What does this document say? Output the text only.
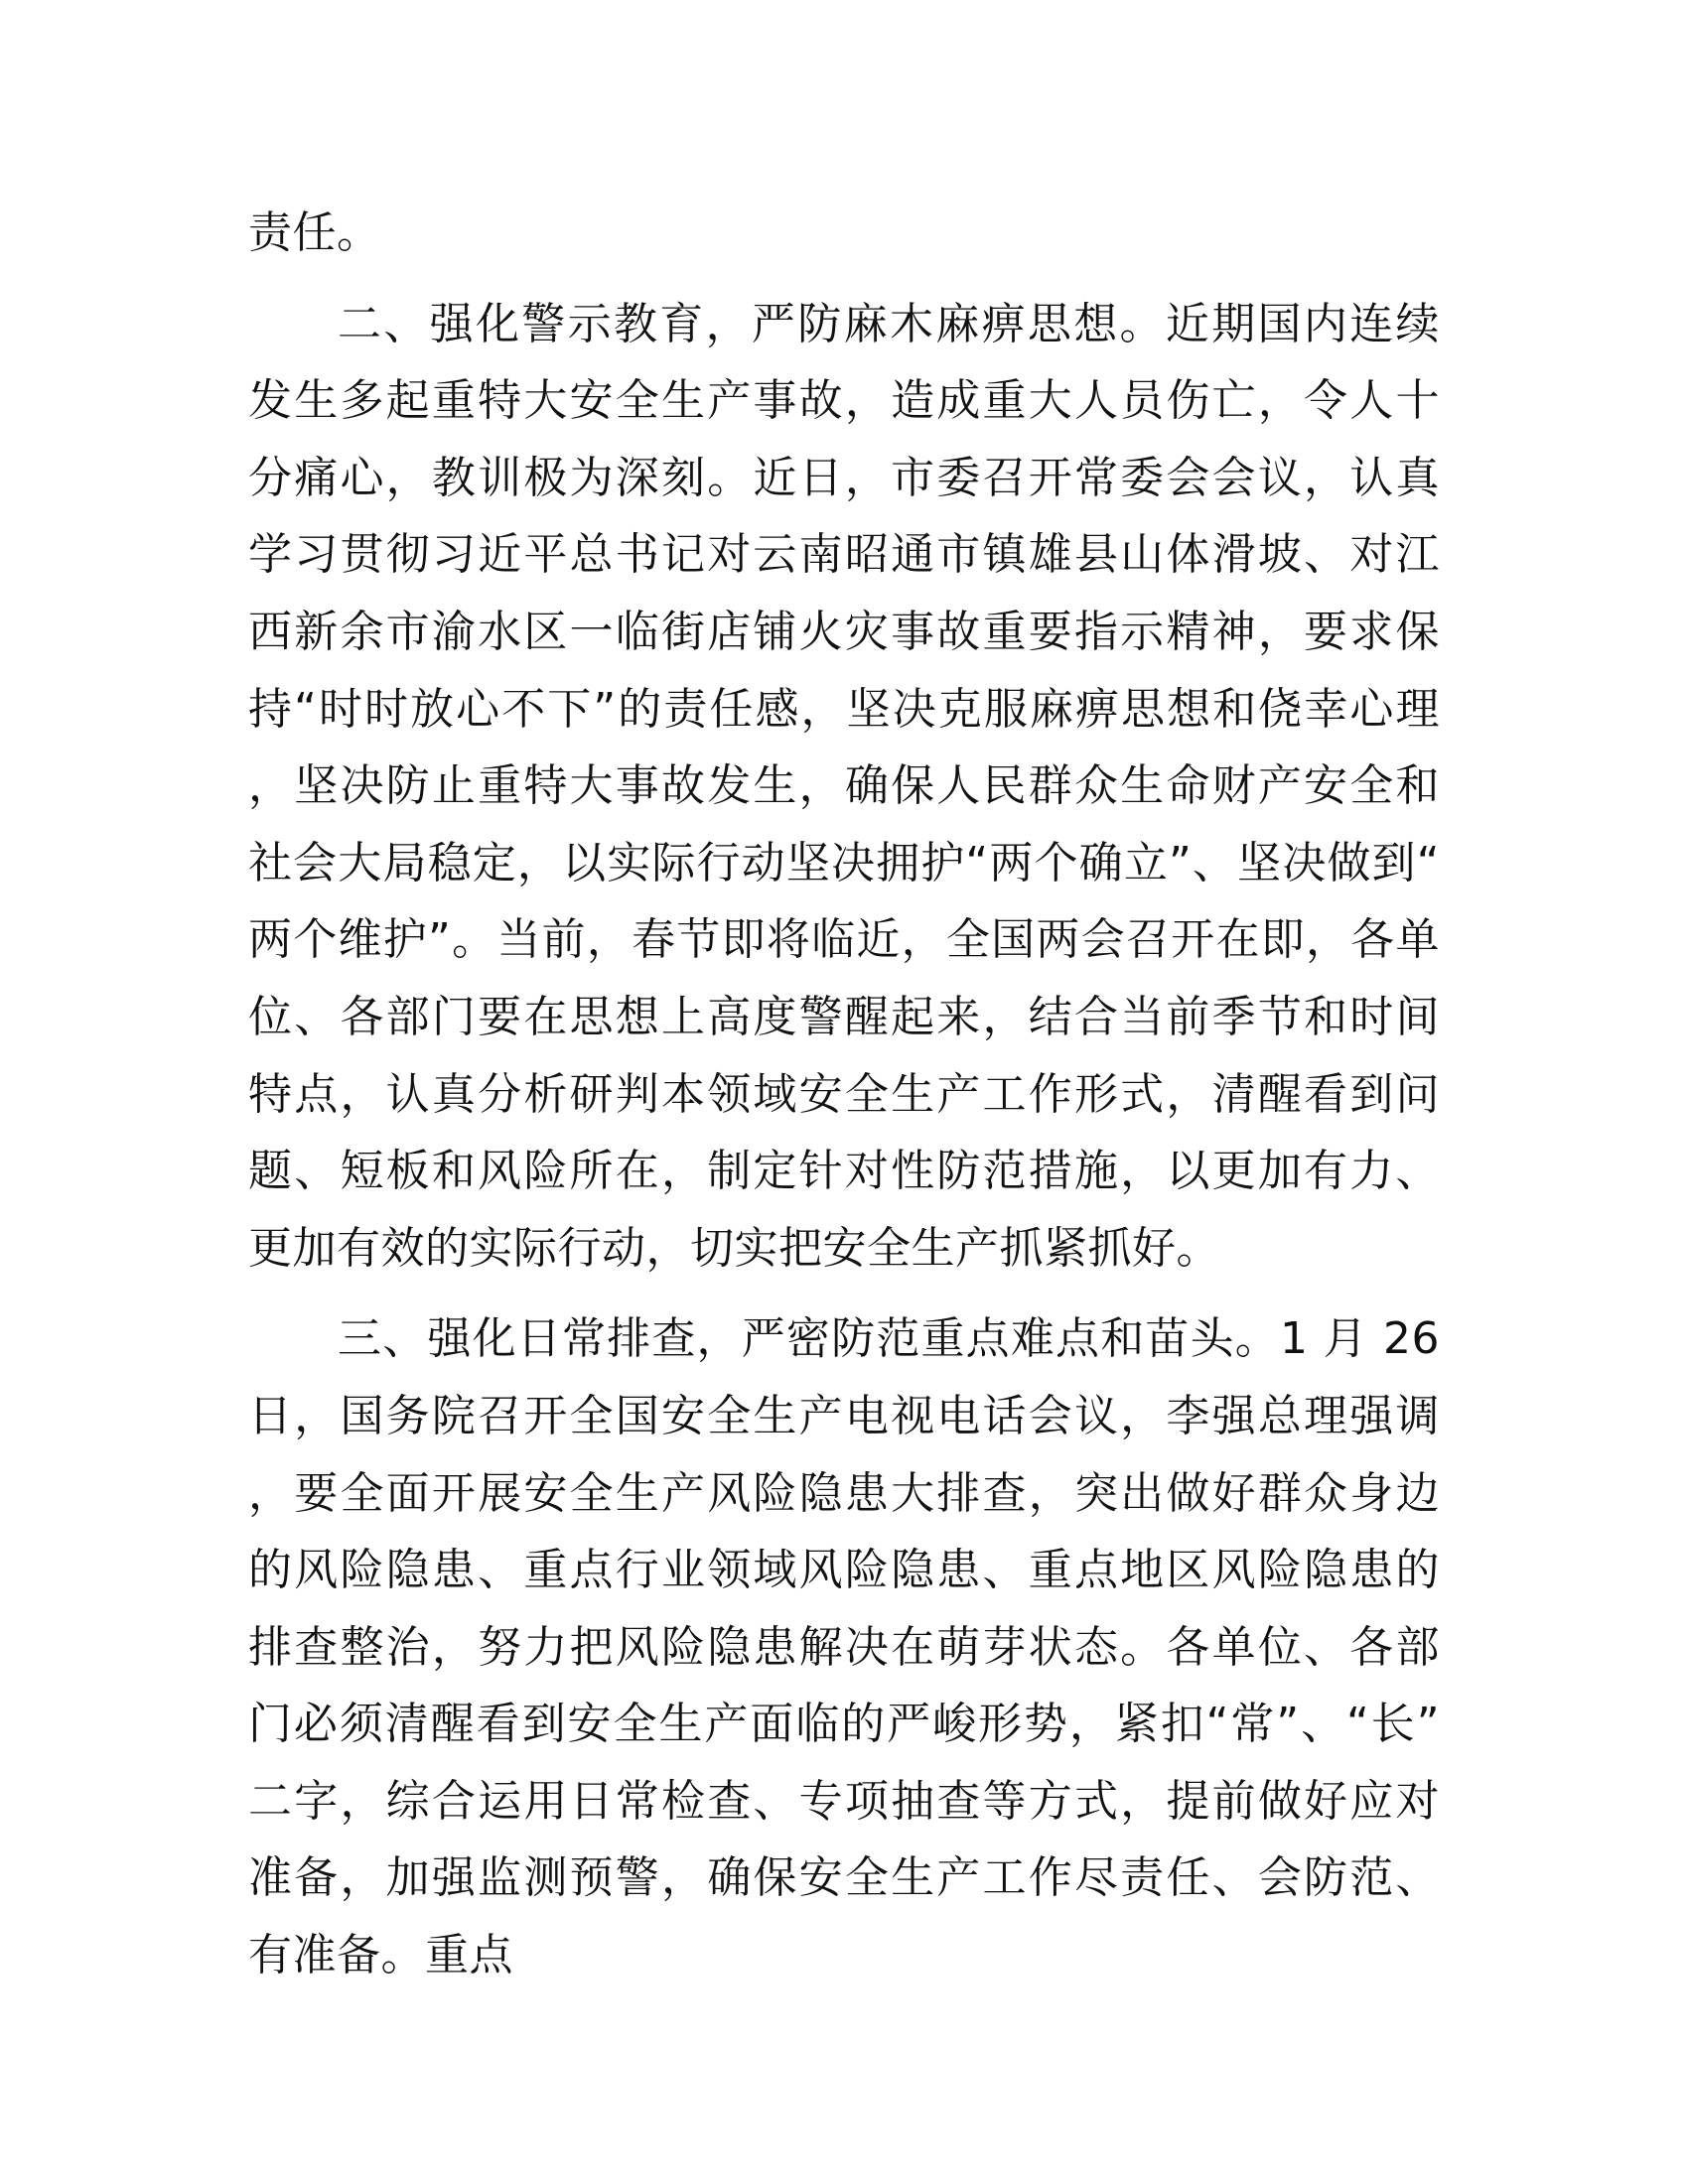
责任。

二、强化警示教育，严防麻木麻痹思想。近期国内连续发生多起重特大安全生产事故，造成重大人员伤亡，令人十分痛心，教训极为深刻。近日，市委召开常委会会议，认真学习贯彻习近平总书记对云南昭通市镇雄县山体滑坡、对江西新余市渝水区一临街店铺火灾事故重要指示精神，要求保持“时时放心不下”的责任感，坚决克服麻痹思想和侥幸心理，坚决防止重特大事故发生，确保人民群众生命财产安全和社会大局稳定，以实际行动坚决拥护“两个确立”、坚决做到“两个维护”。当前，春节即将临近，全国两会召开在即，各单位、各部门要在思想上高度警醒起来，结合当前季节和时间特点，认真分析研判本领域安全生产工作形式，清醒看到问题、短板和风险所在，制定针对性防范措施，以更加有力、更加有效的实际行动，切实把安全生产抓紧抓好。

三、强化日常排查，严密防范重点难点和苗头。1 月 26 日，国务院召开全国安全生产电视电话会议，李强总理强调，要全面开展安全生产风险隐患大排查，突出做好群众身边的风险隐患、重点行业领域风险隐患、重点地区风险隐患的排查整治，努力把风险隐患解决在萌芽状态。各单位、各部门必须清醒看到安全生产面临的严峻形势，紧扣“常”、“长”二字，综合运用日常检查、专项抽查等方式，提前做好应对准备，加强监测预警，确保安全生产工作尽责任、会防范、有准备。重点
